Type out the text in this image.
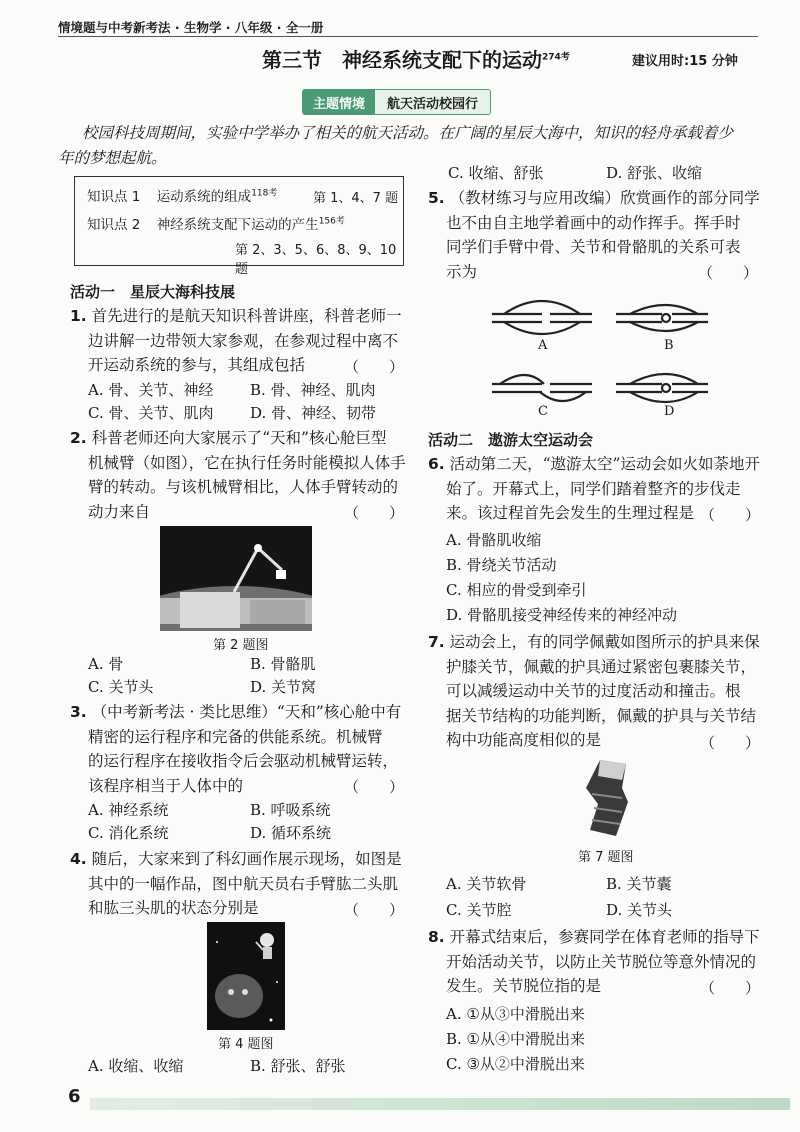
情境题与中考新考法 · 生物学 · 八年级 · 全一册
第三节　神经系统支配下的运动$^{274考}$	建议用时:15 分钟
主题情境	航天活动校园行
校园科技周期间，实验中学举办了相关的航天活动。在广阔的星辰大海中，知识的轻舟承载着少
年的梦想起航。
知识点 1 运动系统的组成$^{118考}$	第 1、4、7 题
知识点 2 神经系统支配下运动的产生$^{156考}$
第 2、3、5、6、8、9、10 题
活动一　星辰大海科技展
1. 首先进行的是航天知识科普讲座，科普老师一
边讲解一边带领大家参观，在参观过程中离不
开运动系统的参与，其组成包括	（　　）
A. 骨、关节、神经 B. 骨、神经、肌肉
C. 骨、关节、肌肉 D. 骨、神经、韧带
2. 科普老师还向大家展示了“天和”核心舱巨型
机械臂（如图），它在执行任务时能模拟人体手
臂的转动。与该机械臂相比，人体手臂转动的
动力来自	（　　）
第 2 题图
A. 骨	B. 骨骼肌
C. 关节头	D. 关节窝
3. （中考新考法 · 类比思维）“天和”核心舱中有
精密的运行程序和完备的供能系统。机械臂
的运行程序在接收指令后会驱动机械臂运转，
该程序相当于人体中的	（　　）
A. 神经系统	B. 呼吸系统
C. 消化系统	D. 循环系统
4. 随后，大家来到了科幻画作展示现场，如图是
其中的一幅作品，图中航天员右手臂肱二头肌
和肱三头肌的状态分别是	（　　）
第 4 题图
A. 收缩、收缩	B. 舒张、舒张
C. 收缩、舒张	D. 舒张、收缩
5. （教材练习与应用改编）欣赏画作的部分同学
也不由自主地学着画中的动作挥手。挥手时
同学们手臂中骨、关节和骨骼肌的关系可表
示为	（　　）
A	B
C	D
活动二　遨游太空运动会
6. 活动第二天，“遨游太空”运动会如火如荼地开
始了。开幕式上，同学们踏着整齐的步伐走
来。该过程首先会发生的生理过程是 （　　）
A. 骨骼肌收缩
B. 骨绕关节活动
C. 相应的骨受到牵引
D. 骨骼肌接受神经传来的神经冲动
7. 运动会上，有的同学佩戴如图所示的护具来保
护膝关节，佩戴的护具通过紧密包裹膝关节，
可以减缓运动中关节的过度活动和撞击。根
据关节结构的功能判断，佩戴的护具与关节结
构中功能高度相似的是	（　　）
第 7 题图
A. 关节软骨	B. 关节囊
C. 关节腔	D. 关节头
8. 开幕式结束后，参赛同学在体育老师的指导下
开始活动关节，以防止关节脱位等意外情况的
发生。关节脱位指的是	（　　）
A. ①从③中滑脱出来
B. ①从④中滑脱出来
C. ③从②中滑脱出来
6
